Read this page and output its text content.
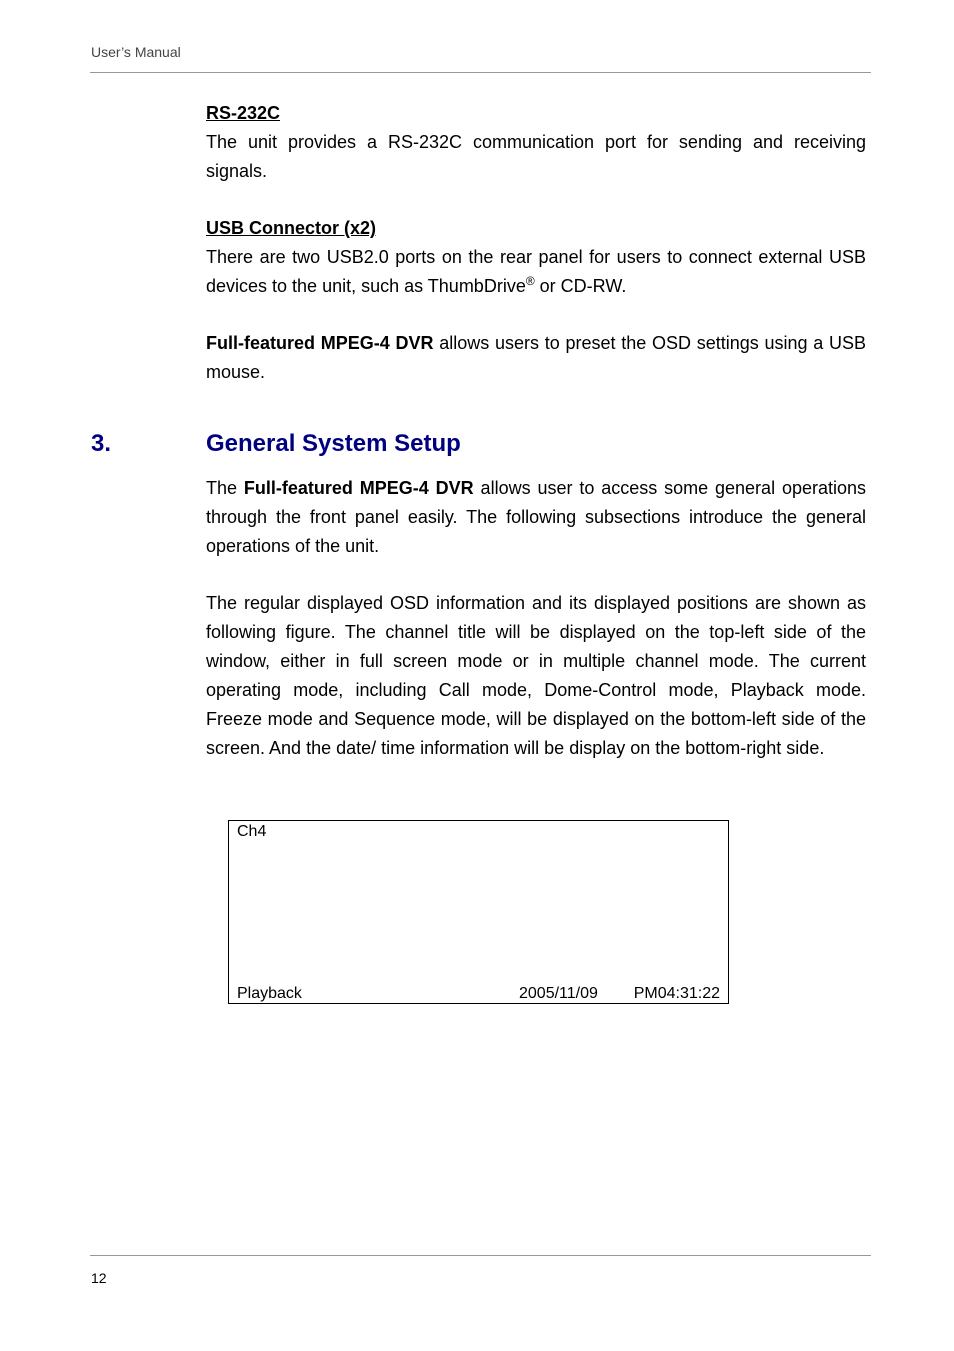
User’s Manual

RS-232C

The unit provides a RS-232C communication port for sending and receiving signals.

USB Connector (x2)

There are two USB2.0 ports on the rear panel for users to connect external USB devices to the unit, such as ThumbDrive® or CD-RW.

Full-featured MPEG-4 DVR allows users to preset the OSD settings using a USB mouse.

3.	General System Setup

The Full-featured MPEG-4 DVR allows user to access some general operations through the front panel easily. The following subsections introduce the general operations of the unit.

The regular displayed OSD information and its displayed positions are shown as following figure. The channel title will be displayed on the top-left side of the window, either in full screen mode or in multiple channel mode. The current operating mode, including Call mode, Dome-Control mode, Playback mode. Freeze mode and Sequence mode, will be displayed on the bottom-left side of the screen. And the date/ time information will be display on the bottom-right side.

Ch4
Playback	2005/11/09 PM04:31:22
12
